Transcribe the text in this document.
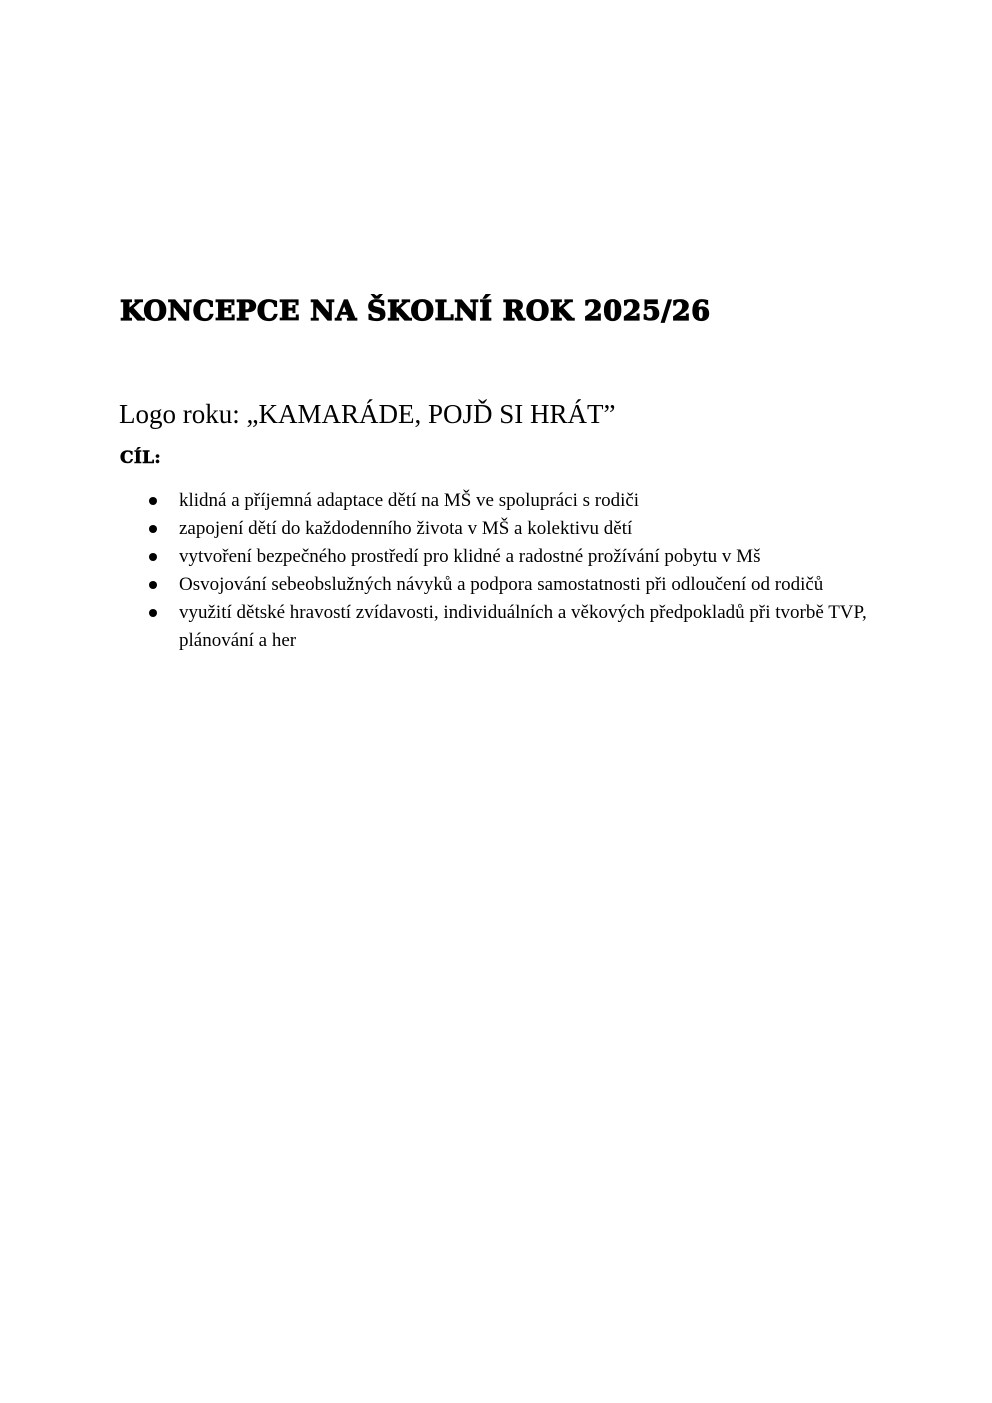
KONCEPCE NA ŠKOLNÍ ROK 2025/26

Logo roku: „KAMARÁDE, POJĎ SI HRÁT”

CÍL:
klidná a příjemná adaptace dětí na MŠ ve spolupráci s rodiči
zapojení dětí do každodenního života v MŠ a kolektivu dětí
vytvoření bezpečného prostředí pro klidné a radostné prožívání pobytu v Mš
Osvojování sebeobslužných návyků a podpora samostatnosti při odloučení od rodičů
využití dětské hravostí zvídavosti, individuálních a věkových předpokladů při tvorbě TVP, plánování a her
